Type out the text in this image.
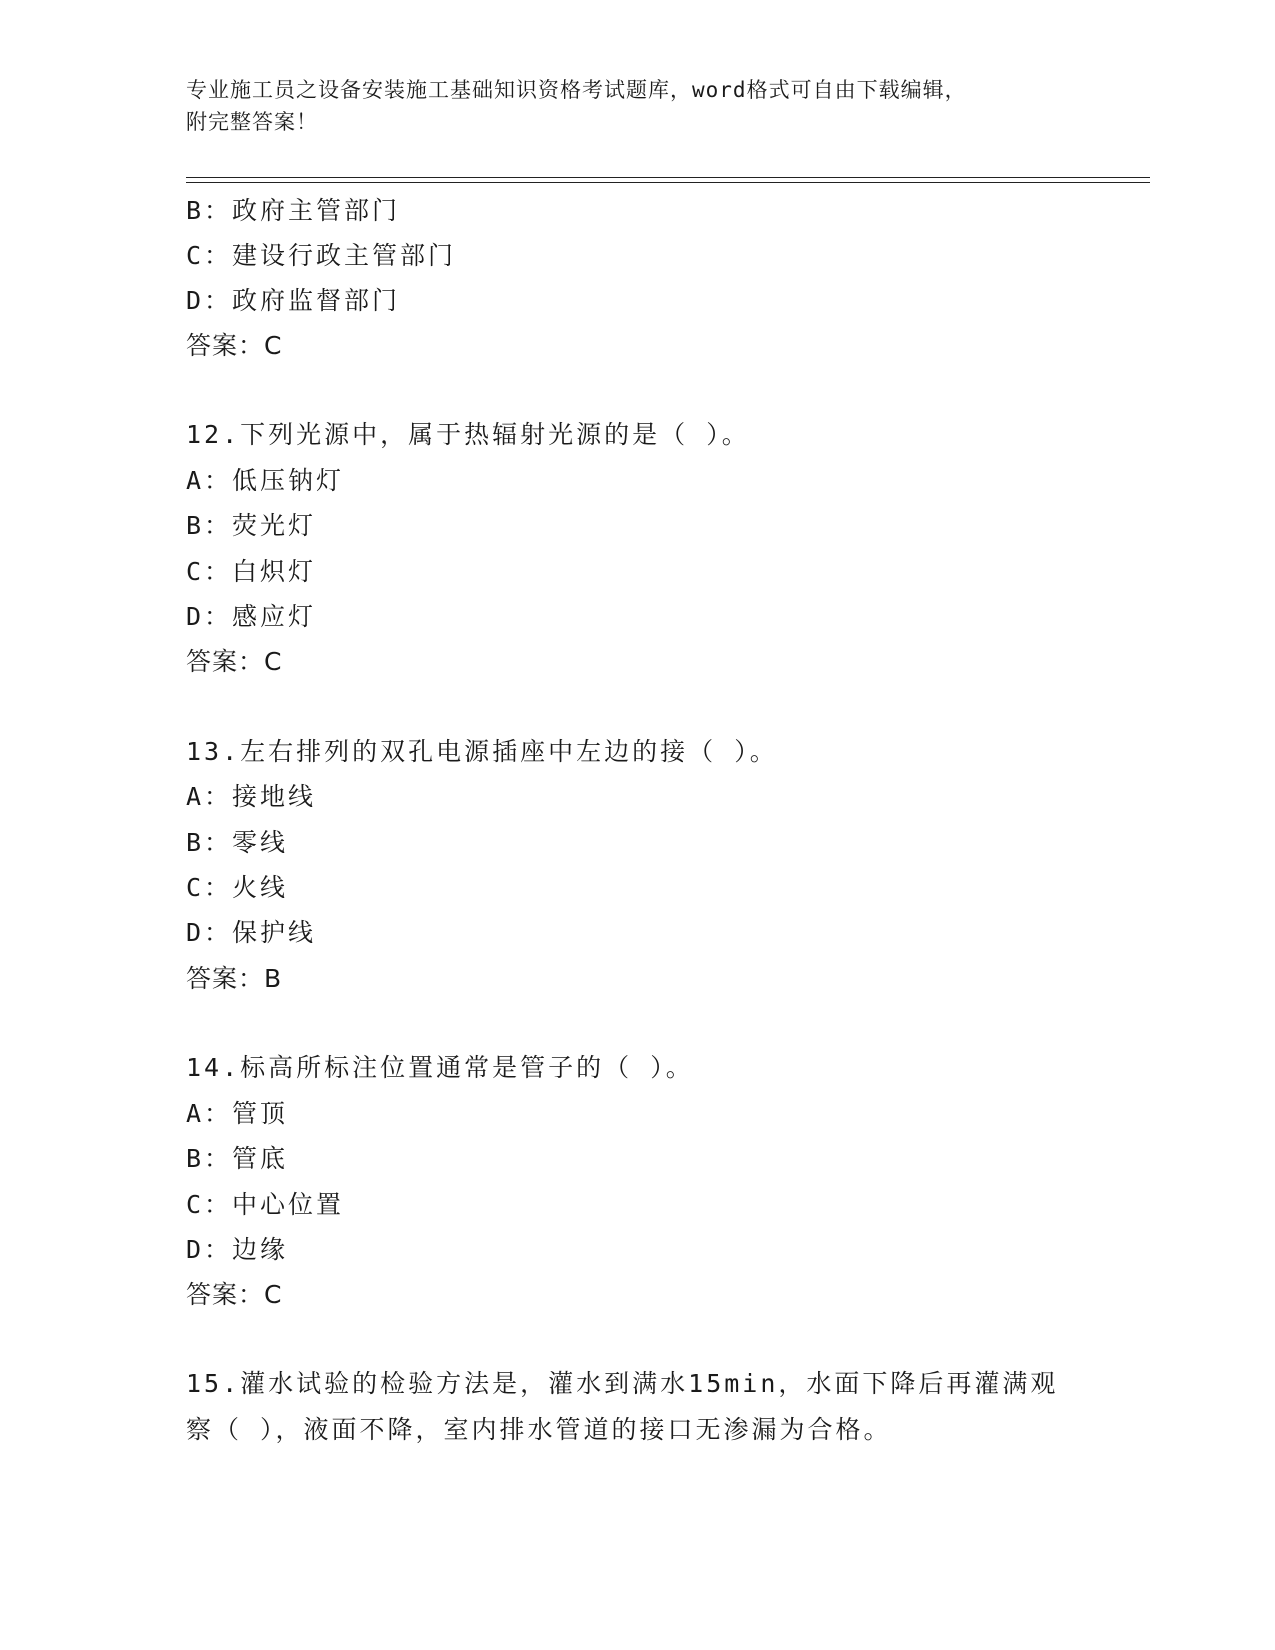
专业施工员之设备安装施工基础知识资格考试题库，word格式可自由下载编辑，
附完整答案！
B：政府主管部门
C：建设行政主管部门
D：政府监督部门
答案：C
12.下列光源中，属于热辐射光源的是（ ）。
A：低压钠灯
B：荧光灯
C：白炽灯
D：感应灯
答案：C
13.左右排列的双孔电源插座中左边的接（ ）。
A：接地线
B：零线
C：火线
D：保护线
答案：B
14.标高所标注位置通常是管子的（ ）。
A：管顶
B：管底
C：中心位置
D：边缘
答案：C
15.灌水试验的检验方法是，灌水到满水15min，水面下降后再灌满观
察（ ），液面不降，室内排水管道的接口无渗漏为合格。
